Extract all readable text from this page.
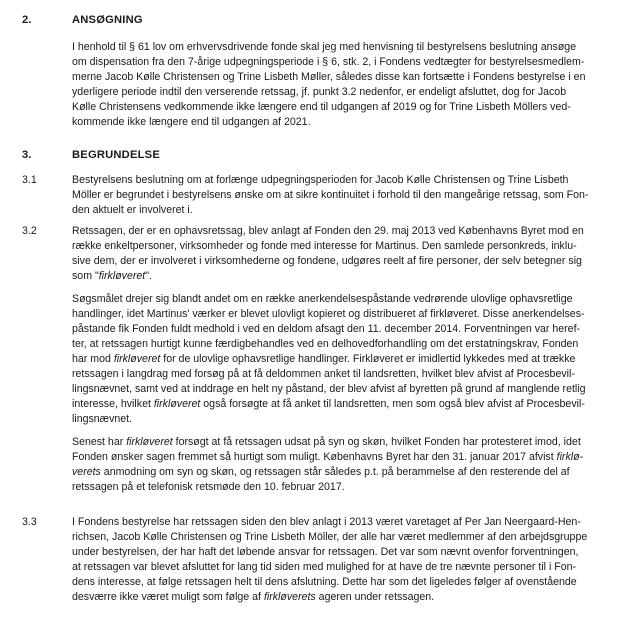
2.	ANSØGNING
I henhold til § 61 lov om erhvervsdrivende fonde skal jeg med henvisning til bestyrelsens beslutning ansøge
om dispensation fra den 7-årige udpegningsperiode i § 6, stk. 2, i Fondens vedtægter for bestyrelsesmedlem-
merne Jacob Kølle Christensen og Trine Lisbeth Møller, således disse kan fortsætte i Fondens bestyrelse i en
yderligere periode indtil den verserende retssag, jf. punkt 3.2 nedenfor, er endeligt afsluttet, dog for Jacob
Kølle Christensens vedkommende ikke længere end til udgangen af 2019 og for Trine Lisbeth Möllers ved-
kommende ikke længere end til udgangen af 2021.
3.	BEGRUNDELSE
3.1	Bestyrelsens beslutning om at forlænge udpegningsperioden for Jacob Kølle Christensen og Trine Lisbeth
Möller er begrundet i bestyrelsens ønske om at sikre kontinuitet i forhold til den mangeårige retssag, som Fon-
den aktuelt er involveret i.
3.2	Retssagen, der er en ophavsretssag, blev anlagt af Fonden den 29. maj 2013 ved Københavns Byret mod en
række enkeltpersoner, virksomheder og fonde med interesse for Martinus. Den samlede personkreds, inklu-
sive dem, der er involveret i virksomhederne og fondene, udgøres reelt af fire personer, der selv betegner sig
som "firkløveret".
Søgsmålet drejer sig blandt andet om en række anerkendelsespåstande vedrørende ulovlige ophavsretlige
handlinger, idet Martinus' værker er blevet ulovligt kopieret og distribueret af firkløveret. Disse anerkendelses-
påstande fik Fonden fuldt medhold i ved en deldom afsagt den 11. december 2014. Forventningen var heref-
ter, at retssagen hurtigt kunne færdigbehandles ved en delhovedforhandling om det erstatningskrav, Fonden
har mod firkløveret for de ulovlige ophavsretlige handlinger. Firkløveret er imidlertid lykkedes med at trække
retssagen i langdrag med forsøg på at få deldommen anket til landsretten, hvilket blev afvist af Procesbevil-
lingsnævnet, samt ved at inddrage en helt ny påstand, der blev afvist af byretten på grund af manglende retlig
interesse, hvilket firkløveret også forsøgte at få anket til landsretten, men som også blev afvist af Procesbevil-
lingsnævnet.
Senest har firkløveret forsøgt at få retssagen udsat på syn og skøn, hvilket Fonden har protesteret imod, idet
Fonden ønsker sagen fremmet så hurtigt som muligt. Københavns Byret har den 31. januar 2017 afvist firklø-
verets anmodning om syn og skøn, og retssagen står således p.t. på berammelse af den resterende del af
retssagen på et telefonisk retsmøde den 10. februar 2017.
3.3	I Fondens bestyrelse har retssagen siden den blev anlagt i 2013 været varetaget af Per Jan Neergaard-Hen-
richsen, Jacob Kølle Christensen og Trine Lisbeth Möller, der alle har været medlemmer af den arbejdsgruppe
under bestyrelsen, der har haft det løbende ansvar for retssagen. Det var som nævnt ovenfor forventningen,
at retssagen var blevet afsluttet for lang tid siden med mulighed for at have de tre nævnte personer til i Fon-
dens interesse, at følge retssagen helt til dens afslutning. Dette har som det ligeledes følger af ovenstående
desværre ikke været muligt som følge af firkløverets ageren under retssagen.
